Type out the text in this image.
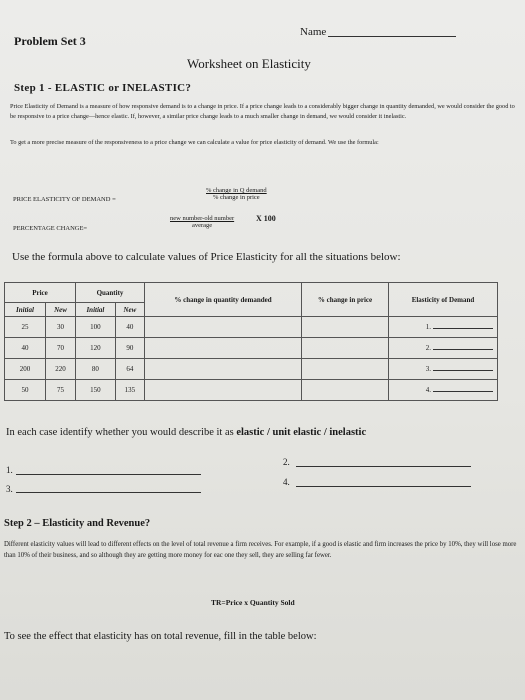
Name
Problem Set 3
Worksheet on Elasticity
Step 1 - ELASTIC or INELASTIC?
Price Elasticity of Demand is a measure of how responsive demand is to a change in price. If a price change leads to a considerably bigger change in quantity demanded, we would consider the good to be responsive to a price change—hence elastic. If, however, a similar price change leads to a much smaller change in demand, we would consider it inelastic.
To get a more precise measure of the responsiveness to a price change we can calculate a value for price elasticity of demand. We use the formula:
PRICE ELASTICITY OF DEMAND =
% change in Q demand
% change in price
PERCENTAGE CHANGE=
new number-old number
average
X 100
Use the formula above to calculate values of Price Elasticity for all the situations below:
Price		Quantity		% change in quantity demanded	% change in price	Elasticity of Demand
Initial	New	Initial	New			
25	30	100	40			1.
40	70	120	90			2.
200	220	80	64			3.
50	75	150	135			4.
In each case identify whether you would describe it as elastic / unit elastic / inelastic
1.
2.
3.
4.
Step 2 – Elasticity and Revenue?
Different elasticity values will lead to different effects on the level of total revenue a firm receives. For example, if a good is elastic and firm increases the price by 10%, they will lose more than 10% of their business, and so although they are getting more money for eac one they sell, they are selling far fewer.
TR=Price x Quantity Sold
To see the effect that elasticity has on total revenue, fill in the table below:
